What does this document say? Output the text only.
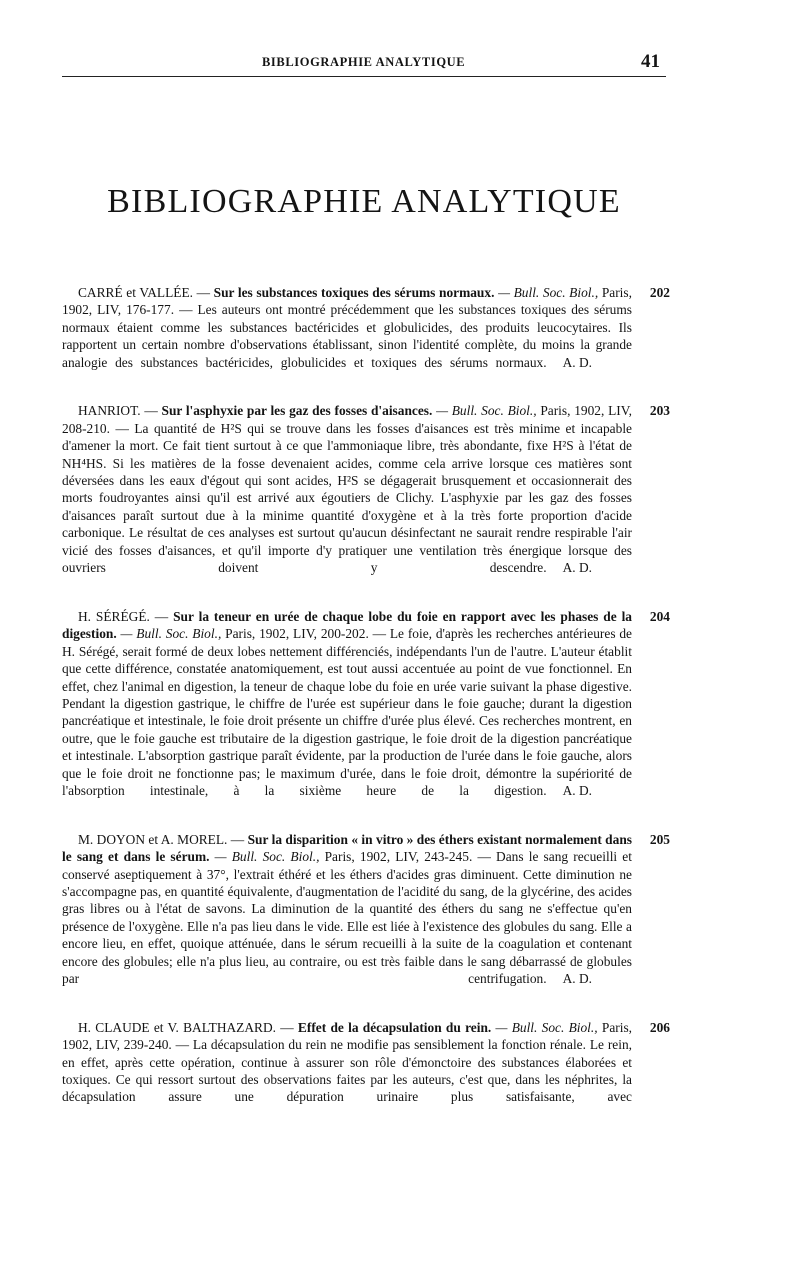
BIBLIOGRAPHIE ANALYTIQUE	41
BIBLIOGRAPHIE ANALYTIQUE
202
CARRÉ et VALLÉE. — Sur les substances toxiques des sérums normaux. — Bull. Soc. Biol., Paris, 1902, LIV, 176-177. — Les auteurs ont montré précédemment que les substances toxiques des sérums normaux étaient comme les substances bactéricides et globulicides, des produits leucocytaires. Ils rapportent un certain nombre d'observations établissant, sinon l'identité complète, du moins la grande analogie des substances bactéricides, globulicides et toxiques des sérums normaux.	A. D.
203
HANRIOT. — Sur l'asphyxie par les gaz des fosses d'aisances. — Bull. Soc. Biol., Paris, 1902, LIV, 208-210. — La quantité de H²S qui se trouve dans les fosses d'aisances est très minime et incapable d'amener la mort. Ce fait tient surtout à ce que l'ammoniaque libre, très abondante, fixe H²S à l'état de NH⁴HS. Si les matières de la fosse devenaient acides, comme cela arrive lorsque ces matières sont déversées dans les eaux d'égout qui sont acides, H²S se dégagerait brusquement et occasionnerait des morts foudroyantes ainsi qu'il est arrivé aux égoutiers de Clichy. L'asphyxie par les gaz des fosses d'aisances paraît surtout due à la minime quantité d'oxygène et à la très forte proportion d'acide carbonique. Le résultat de ces analyses est surtout qu'aucun désinfectant ne saurait rendre respirable l'air vicié des fosses d'aisances, et qu'il importe d'y pratiquer une ventilation très énergique lorsque des ouvriers doivent y descendre.	A. D.
204
H. SÉRÉGÉ. — Sur la teneur en urée de chaque lobe du foie en rapport avec les phases de la digestion. — Bull. Soc. Biol., Paris, 1902, LIV, 200-202. — Le foie, d'après les recherches antérieures de H. Sérégé, serait formé de deux lobes nettement différenciés, indépendants l'un de l'autre. L'auteur établit que cette différence, constatée anatomiquement, est tout aussi accentuée au point de vue fonctionnel. En effet, chez l'animal en digestion, la teneur de chaque lobe du foie en urée varie suivant la phase digestive. Pendant la digestion gastrique, le chiffre de l'urée est supérieur dans le foie gauche; durant la digestion pancréatique et intestinale, le foie droit présente un chiffre d'urée plus élevé. Ces recherches montrent, en outre, que le foie gauche est tributaire de la digestion gastrique, le foie droit de la digestion pancréatique et intestinale. L'absorption gastrique paraît évidente, par la production de l'urée dans le foie gauche, alors que le foie droit ne fonctionne pas; le maximum d'urée, dans le foie droit, démontre la supériorité de l'absorption intestinale, à la sixième heure de la digestion.	A. D.
205
M. DOYON et A. MOREL. — Sur la disparition « in vitro » des éthers existant normalement dans le sang et dans le sérum. — Bull. Soc. Biol., Paris, 1902, LIV, 243-245. — Dans le sang recueilli et conservé aseptiquement à 37°, l'extrait éthéré et les éthers d'acides gras diminuent. Cette diminution ne s'accompagne pas, en quantité équivalente, d'augmentation de l'acidité du sang, de la glycérine, des acides gras libres ou à l'état de savons. La diminution de la quantité des éthers du sang ne s'effectue qu'en présence de l'oxygène. Elle n'a pas lieu dans le vide. Elle est liée à l'existence des globules du sang. Elle a encore lieu, en effet, quoique atténuée, dans le sérum recueilli à la suite de la coagulation et contenant encore des globules; elle n'a plus lieu, au contraire, ou est très faible dans le sang débarrassé de globules par centrifugation.	A. D.
206
H. CLAUDE et V. BALTHAZARD. — Effet de la décapsulation du rein. — Bull. Soc. Biol., Paris, 1902, LIV, 239-240. — La décapsulation du rein ne modifie pas sensiblement la fonction rénale. Le rein, en effet, après cette opération, continue à assurer son rôle d'émonctoire des substances élaborées et toxiques. Ce qui ressort surtout des observations faites par les auteurs, c'est que, dans les néphrites, la décapsulation assure une dépuration urinaire plus satisfaisante, avec
